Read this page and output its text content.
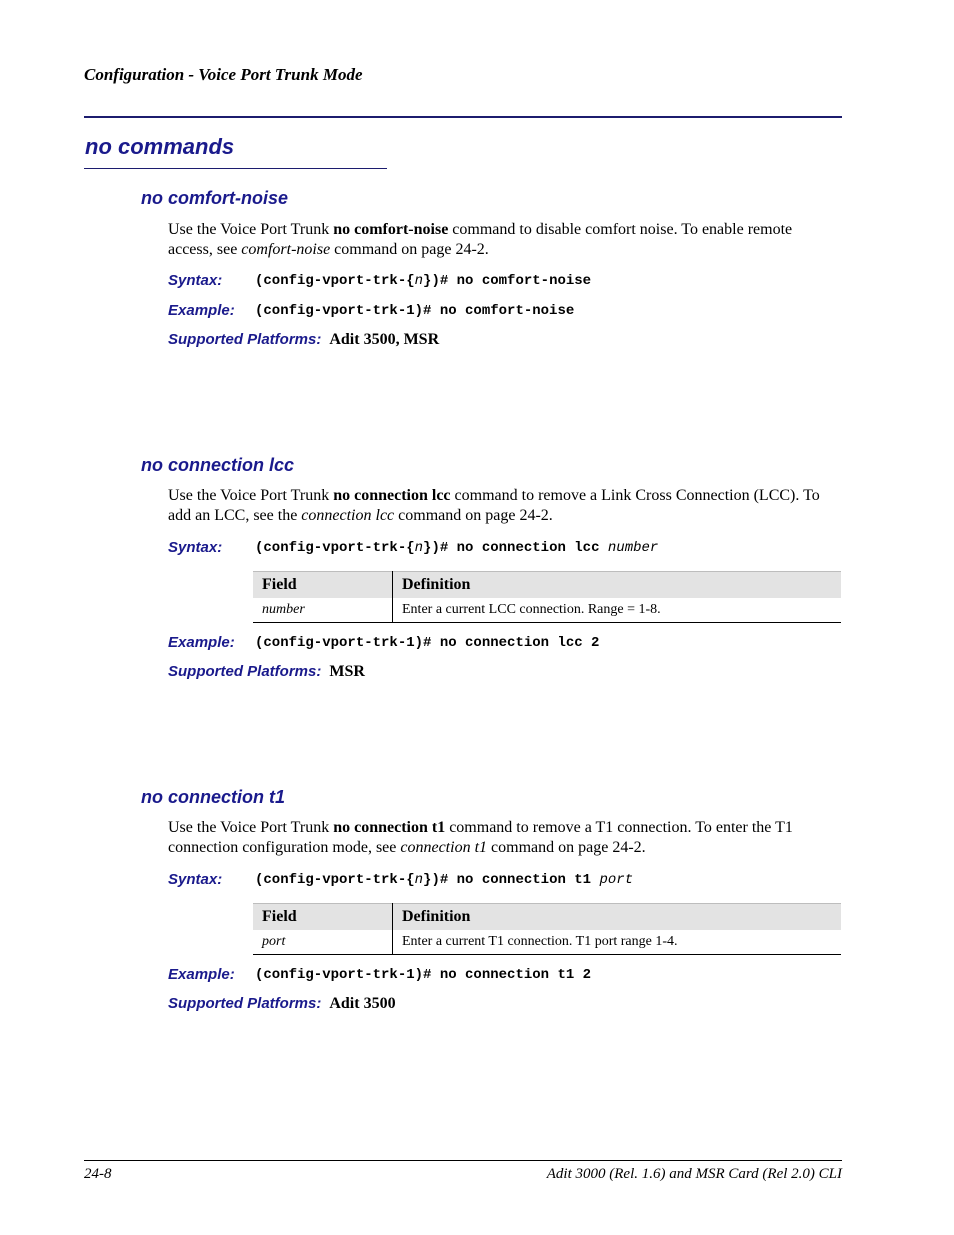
Configuration - Voice Port Trunk Mode
no commands
no comfort-noise
Use the Voice Port Trunk no comfort-noise command to disable comfort noise. To enable remote access, see comfort-noise command on page 24-2.
Syntax: (config-vport-trk-{n})# no comfort-noise
Example: (config-vport-trk-1)# no comfort-noise
Supported Platforms: Adit 3500, MSR
no connection lcc
Use the Voice Port Trunk no connection lcc command to remove a Link Cross Connection (LCC). To add an LCC, see the connection lcc command on page 24-2.
Syntax: (config-vport-trk-{n})# no connection lcc number
Field	Definition
number	Enter a current LCC connection. Range = 1-8.
Example: (config-vport-trk-1)# no connection lcc 2
Supported Platforms: MSR
no connection t1
Use the Voice Port Trunk no connection t1 command to remove a T1 connection. To enter the T1 connection configuration mode, see connection t1 command on page 24-2.
Syntax: (config-vport-trk-{n})# no connection t1 port
Field	Definition
port	Enter a current T1 connection. T1 port range 1-4.
Example: (config-vport-trk-1)# no connection t1 2
Supported Platforms: Adit 3500
24-8	Adit 3000 (Rel. 1.6) and MSR Card (Rel 2.0) CLI
